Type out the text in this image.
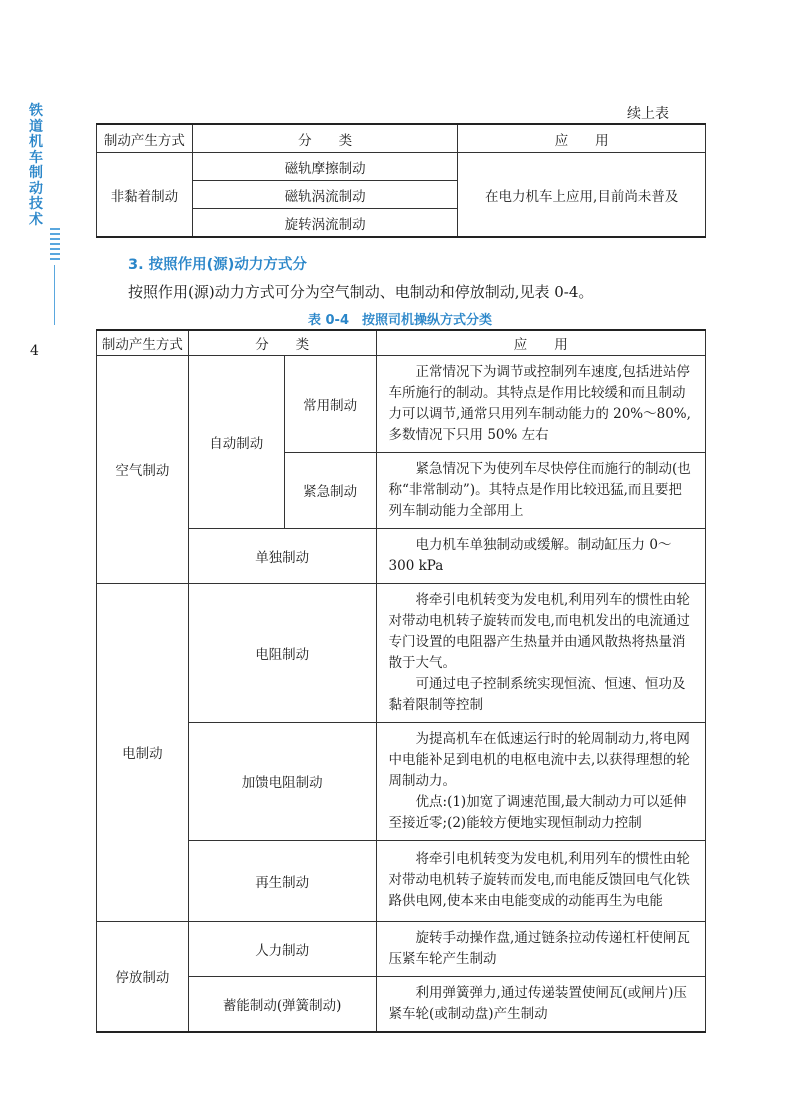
铁道机车制动技术
4
续上表
制动产生方式	分　　类	应　　用
非黏着制动	磁轨摩擦制动	在电力机车上应用,目前尚未普及
	磁轨涡流制动	
	旋转涡流制动	
3. 按照作用(源)动力方式分
按照作用(源)动力方式可分为空气制动、电制动和停放制动,见表 0-4。
表 0-4　按照司机操纵方式分类
制动产生方式	分　　类		应　　用
空气制动	自动制动	常用制动	正常情况下为调节或控制列车速度,包括进站停车所施行的制动。其特点是作用比较缓和而且制动力可以调节,通常只用列车制动能力的 20%～80%,多数情况下只用 50% 左右
		紧急制动	紧急情况下为使列车尽快停住而施行的制动(也称“非常制动”)。其特点是作用比较迅猛,而且要把列车制动能力全部用上
	单独制动		电力机车单独制动或缓解。制动缸压力 0～300 kPa
电制动	电阻制动		将牵引电机转变为发电机,利用列车的惯性由轮对带动电机转子旋转而发电,而电机发出的电流通过专门设置的电阻器产生热量并由通风散热将热量消散于大气。

可通过电子控制系统实现恒流、恒速、恒功及黏着限制等控制

	加馈电阻制动		为提高机车在低速运行时的轮周制动力,将电网中电能补足到电机的电枢电流中去,以获得理想的轮周制动力。

优点:(1)加宽了调速范围,最大制动力可以延伸至接近零;(2)能较方便地实现恒制动力控制

	再生制动		将牵引电机转变为发电机,利用列车的惯性由轮对带动电机转子旋转而发电,而电能反馈回电气化铁路供电网,使本来由电能变成的动能再生为电能
停放制动	人力制动		旋转手动操作盘,通过链条拉动传递杠杆使闸瓦压紧车轮产生制动
	蓄能制动(弹簧制动)		利用弹簧弹力,通过传递装置使闸瓦(或闸片)压紧车轮(或制动盘)产生制动
